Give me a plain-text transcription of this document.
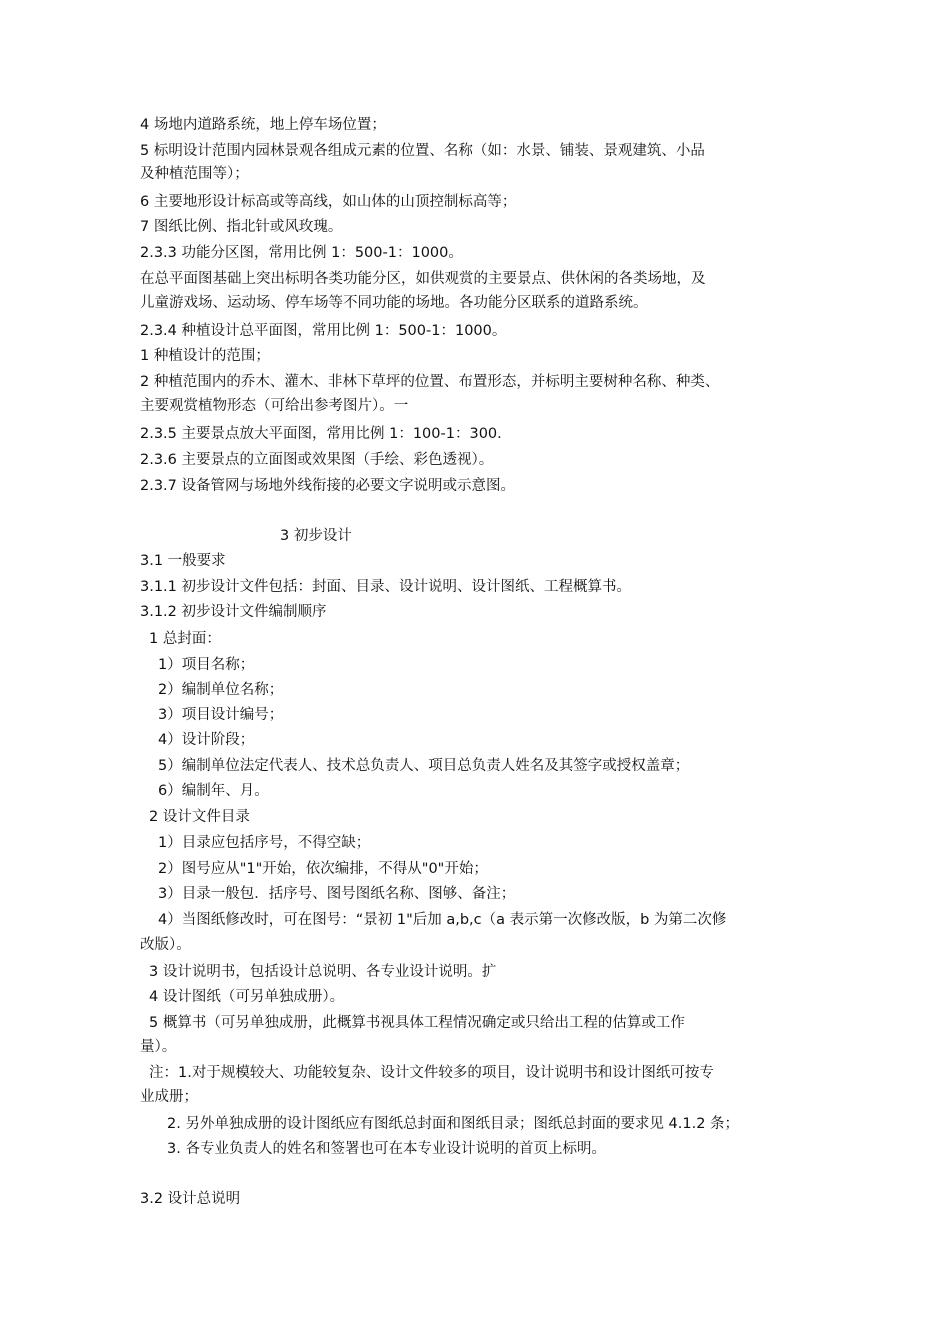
4 场地内道路系统，地上停车场位置；
5 标明设计范围内园林景观各组成元素的位置、名称（如：水景、铺装、景观建筑、小品
及种植范围等）；
6 主要地形设计标高或等高线，如山体的山顶控制标高等；
7 图纸比例、指北针或风玫瑰。
2.3.3 功能分区图，常用比例 1：500-1：1000。
在总平面图基础上突出标明各类功能分区，如供观赏的主要景点、供休闲的各类场地，及
儿童游戏场、运动场、停车场等不同功能的场地。各功能分区联系的道路系统。
2.3.4 种植设计总平面图，常用比例 1：500-1：1000。
1 种植设计的范围；
2 种植范围内的乔木、灌木、非林下草坪的位置、布置形态，并标明主要树种名称、种类、
主要观赏植物形态（可给出参考图片）。一
2.3.5 主要景点放大平面图，常用比例 1：100-1：300.
2.3.6 主要景点的立面图或效果图（手绘、彩色透视）。
2.3.7 设备管网与场地外线衔接的必要文字说明或示意图。
3 初步设计
3.1 一般要求
3.1.1 初步设计文件包括：封面、目录、设计说明、设计图纸、工程概算书。
3.1.2 初步设计文件编制顺序
1 总封面：
1）项目名称；
2）编制单位名称；
3）项目设计编号；
4）设计阶段；
5）编制单位法定代表人、技术总负责人、项目总负责人姓名及其签字或授权盖章；
6）编制年、月。
2 设计文件目录
1）目录应包括序号，不得空缺；
2）图号应从"1"开始，依次编排，不得从"0"开始；
3）目录一般包．括序号、图号图纸名称、图够、备注；
4）当图纸修改时，可在图号：“景初 1"后加 a,b,c（a 表示第一次修改版，b 为第二次修
改版）。
3 设计说明书，包括设计总说明、各专业设计说明。扩
4 设计图纸（可另单独成册）。
5 概算书（可另单独成册，此概算书视具体工程情况确定或只给出工程的估算或工作
量）。
注：1.对于规模较大、功能较复杂、设计文件较多的项目，设计说明书和设计图纸可按专
业成册；
2. 另外单独成册的设计图纸应有图纸总封面和图纸目录；图纸总封面的要求见 4.1.2 条；
3. 各专业负责人的姓名和签署也可在本专业设计说明的首页上标明。
3.2 设计总说明
